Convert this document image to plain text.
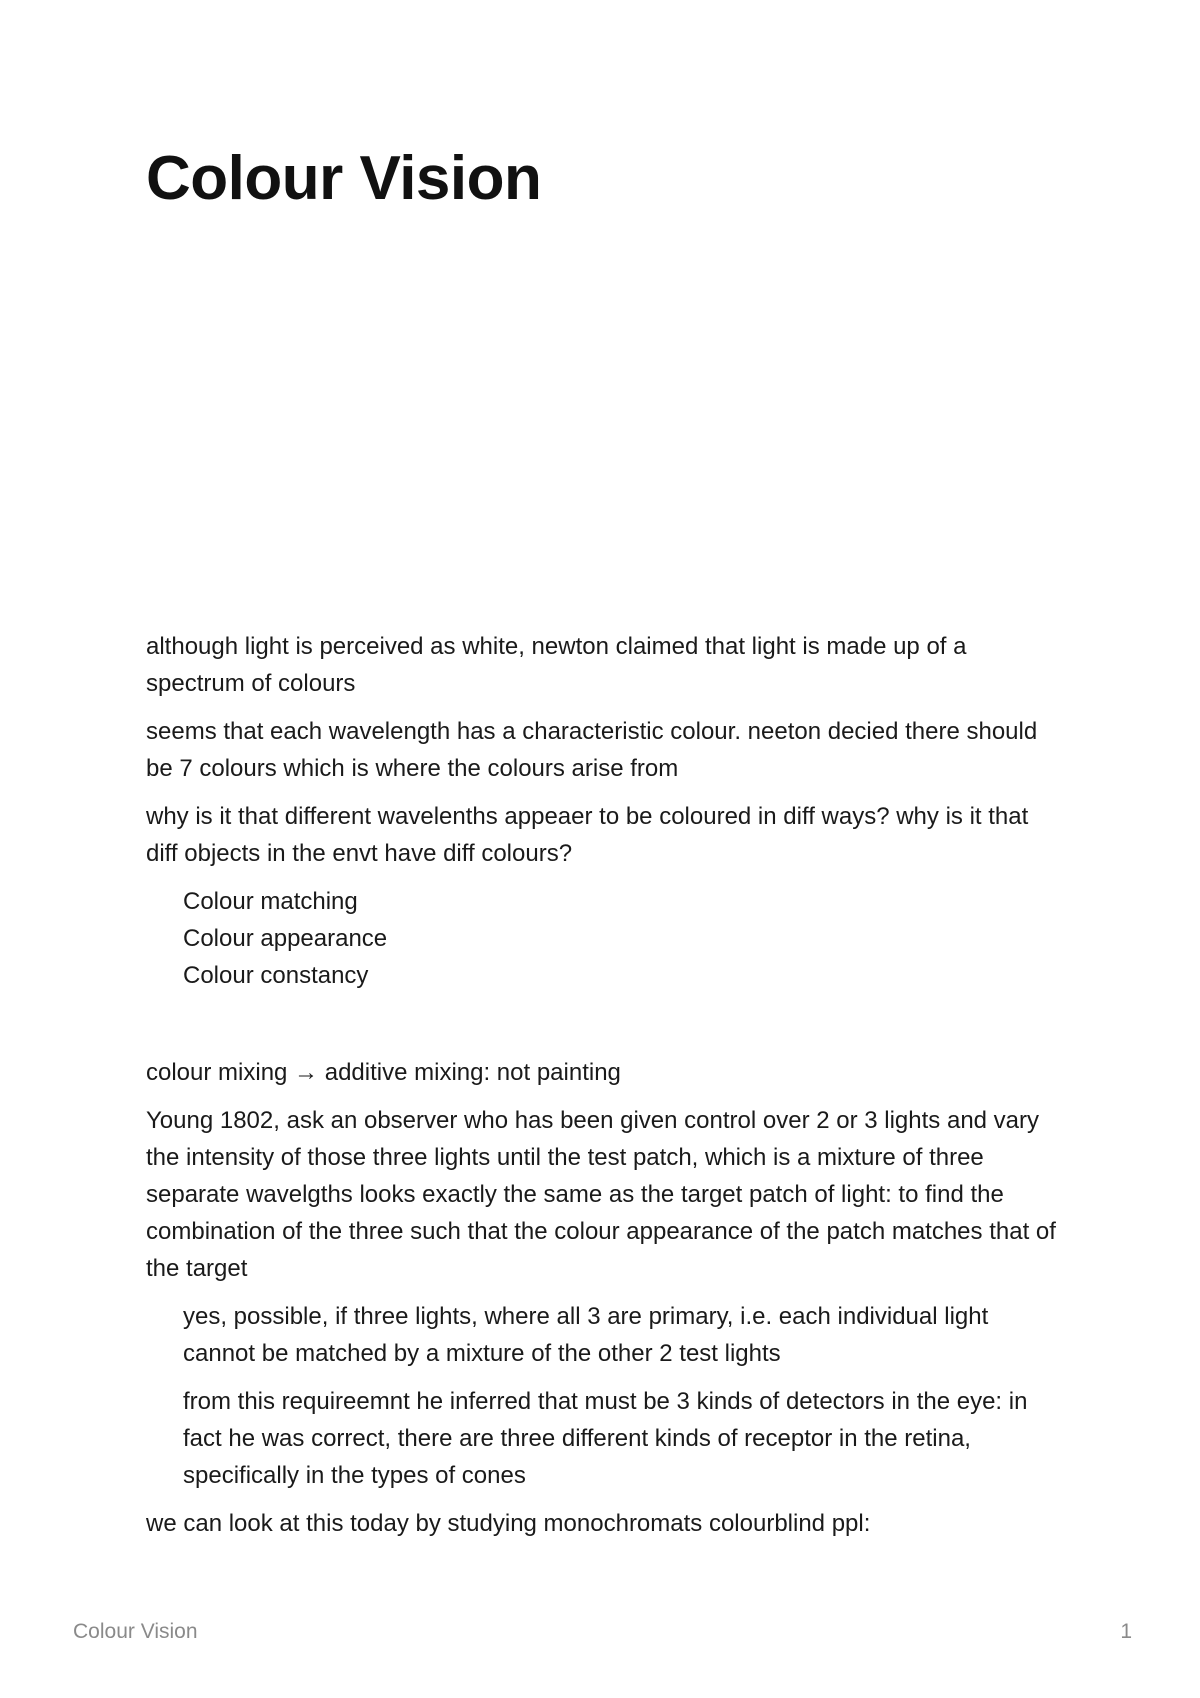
Colour Vision

although light is perceived as white, newton claimed that light is made up of a spectrum of colours

seems that each wavelength has a characteristic colour. neeton decied there should be 7 colours which is where the colours arise from

why is it that different wavelenths appeaer to be coloured in diff ways? why is it that diff objects in the envt have diff colours?

Colour matching
Colour appearance
Colour constancy

colour mixing → additive mixing: not painting

Young 1802, ask an observer who has been given control over 2 or 3 lights and vary the intensity of those three lights until the test patch, which is a mixture of three separate wavelgths looks exactly the same as the target patch of light: to find the combination of the three such that the colour appearance of the patch matches that of the target

yes, possible, if three lights, where all 3 are primary, i.e. each individual light cannot be matched by a mixture of the other 2 test lights

from this requireemnt he inferred that must be 3 kinds of detectors in the eye: in fact he was correct, there are three different kinds of receptor in the retina, specifically in the types of cones

we can look at this today by studying monochromats colourblind ppl:

Colour Vision	1
